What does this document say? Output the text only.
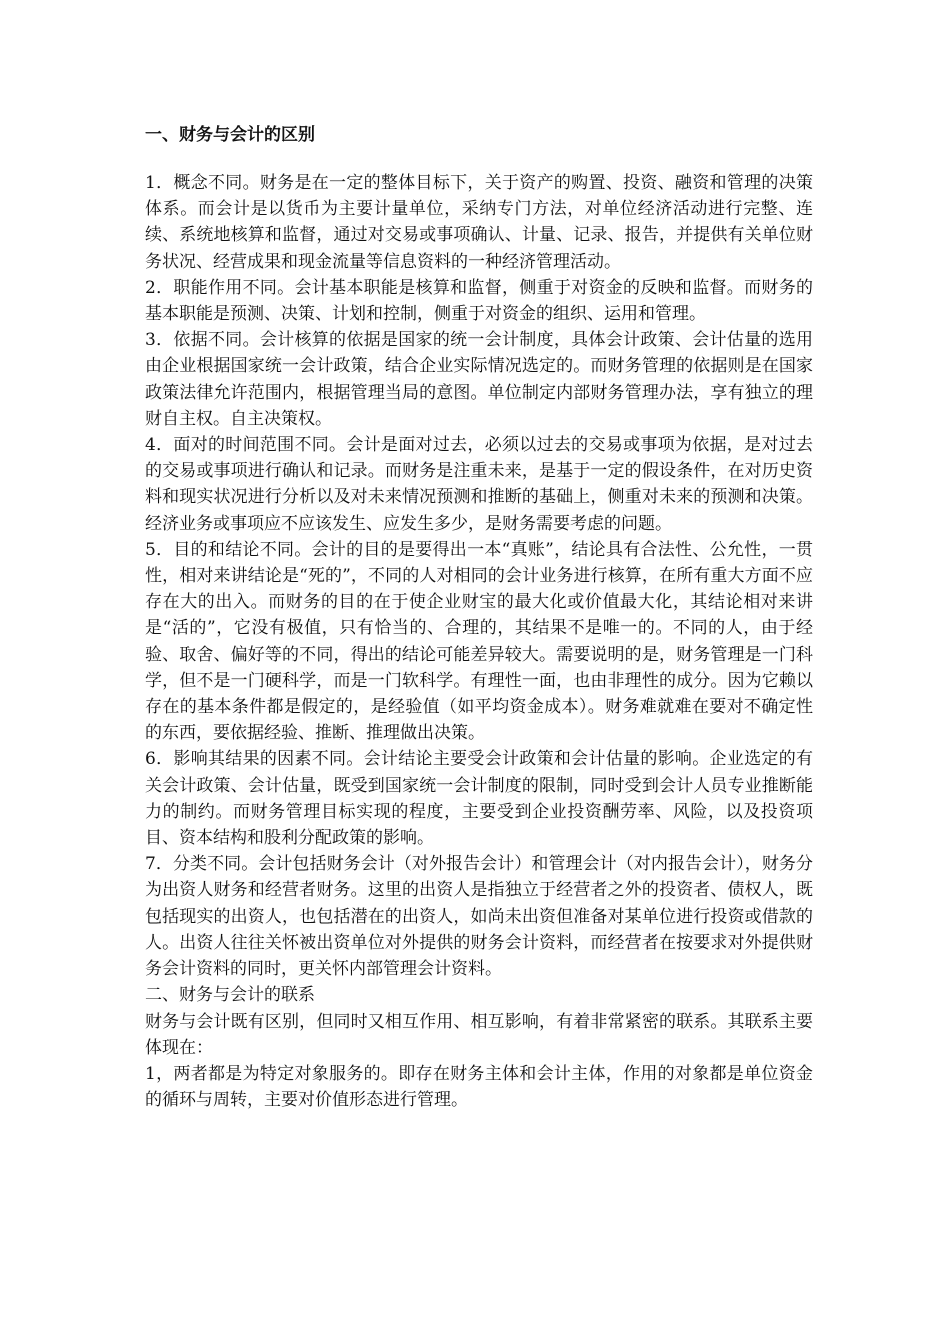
一、财务与会计的区别

1．概念不同。财务是在一定的整体目标下，关于资产的购置、投资、融资和管理的决策体系。而会计是以货币为主要计量单位，采纳专门方法，对单位经济活动进行完整、连续、系统地核算和监督，通过对交易或事项确认、计量、记录、报告，并提供有关单位财务状况、经营成果和现金流量等信息资料的一种经济管理活动。

2．职能作用不同。会计基本职能是核算和监督，侧重于对资金的反映和监督。而财务的基本职能是预测、决策、计划和控制，侧重于对资金的组织、运用和管理。

3．依据不同。会计核算的依据是国家的统一会计制度，具体会计政策、会计估量的选用由企业根据国家统一会计政策，结合企业实际情况选定的。而财务管理的依据则是在国家政策法律允许范围内，根据管理当局的意图。单位制定内部财务管理办法，享有独立的理财自主权。自主决策权。

4．面对的时间范围不同。会计是面对过去，必须以过去的交易或事项为依据，是对过去的交易或事项进行确认和记录。而财务是注重未来，是基于一定的假设条件，在对历史资料和现实状况进行分析以及对未来情况预测和推断的基础上，侧重对未来的预测和决策。经济业务或事项应不应该发生、应发生多少，是财务需要考虑的问题。

5．目的和结论不同。会计的目的是要得出一本“真账”，结论具有合法性、公允性，一贯性，相对来讲结论是“死的”，不同的人对相同的会计业务进行核算，在所有重大方面不应存在大的出入。而财务的目的在于使企业财宝的最大化或价值最大化，其结论相对来讲是“活的”，它没有极值，只有恰当的、合理的，其结果不是唯一的。不同的人，由于经验、取舍、偏好等的不同，得出的结论可能差异较大。需要说明的是，财务管理是一门科学，但不是一门硬科学，而是一门软科学。有理性一面，也由非理性的成分。因为它赖以存在的基本条件都是假定的，是经验值（如平均资金成本）。财务难就难在要对不确定性的东西，要依据经验、推断、推理做出决策。

6．影响其结果的因素不同。会计结论主要受会计政策和会计估量的影响。企业选定的有关会计政策、会计估量，既受到国家统一会计制度的限制，同时受到会计人员专业推断能力的制约。而财务管理目标实现的程度，主要受到企业投资酬劳率、风险，以及投资项目、资本结构和股利分配政策的影响。

7．分类不同。会计包括财务会计（对外报告会计）和管理会计（对内报告会计），财务分为出资人财务和经营者财务。这里的出资人是指独立于经营者之外的投资者、债权人，既包括现实的出资人，也包括潜在的出资人，如尚未出资但准备对某单位进行投资或借款的人。出资人往往关怀被出资单位对外提供的财务会计资料，而经营者在按要求对外提供财务会计资料的同时，更关怀内部管理会计资料。

二、财务与会计的联系

财务与会计既有区别，但同时又相互作用、相互影响，有着非常紧密的联系。其联系主要体现在：

1，两者都是为特定对象服务的。即存在财务主体和会计主体，作用的对象都是单位资金的循环与周转，主要对价值形态进行管理。
